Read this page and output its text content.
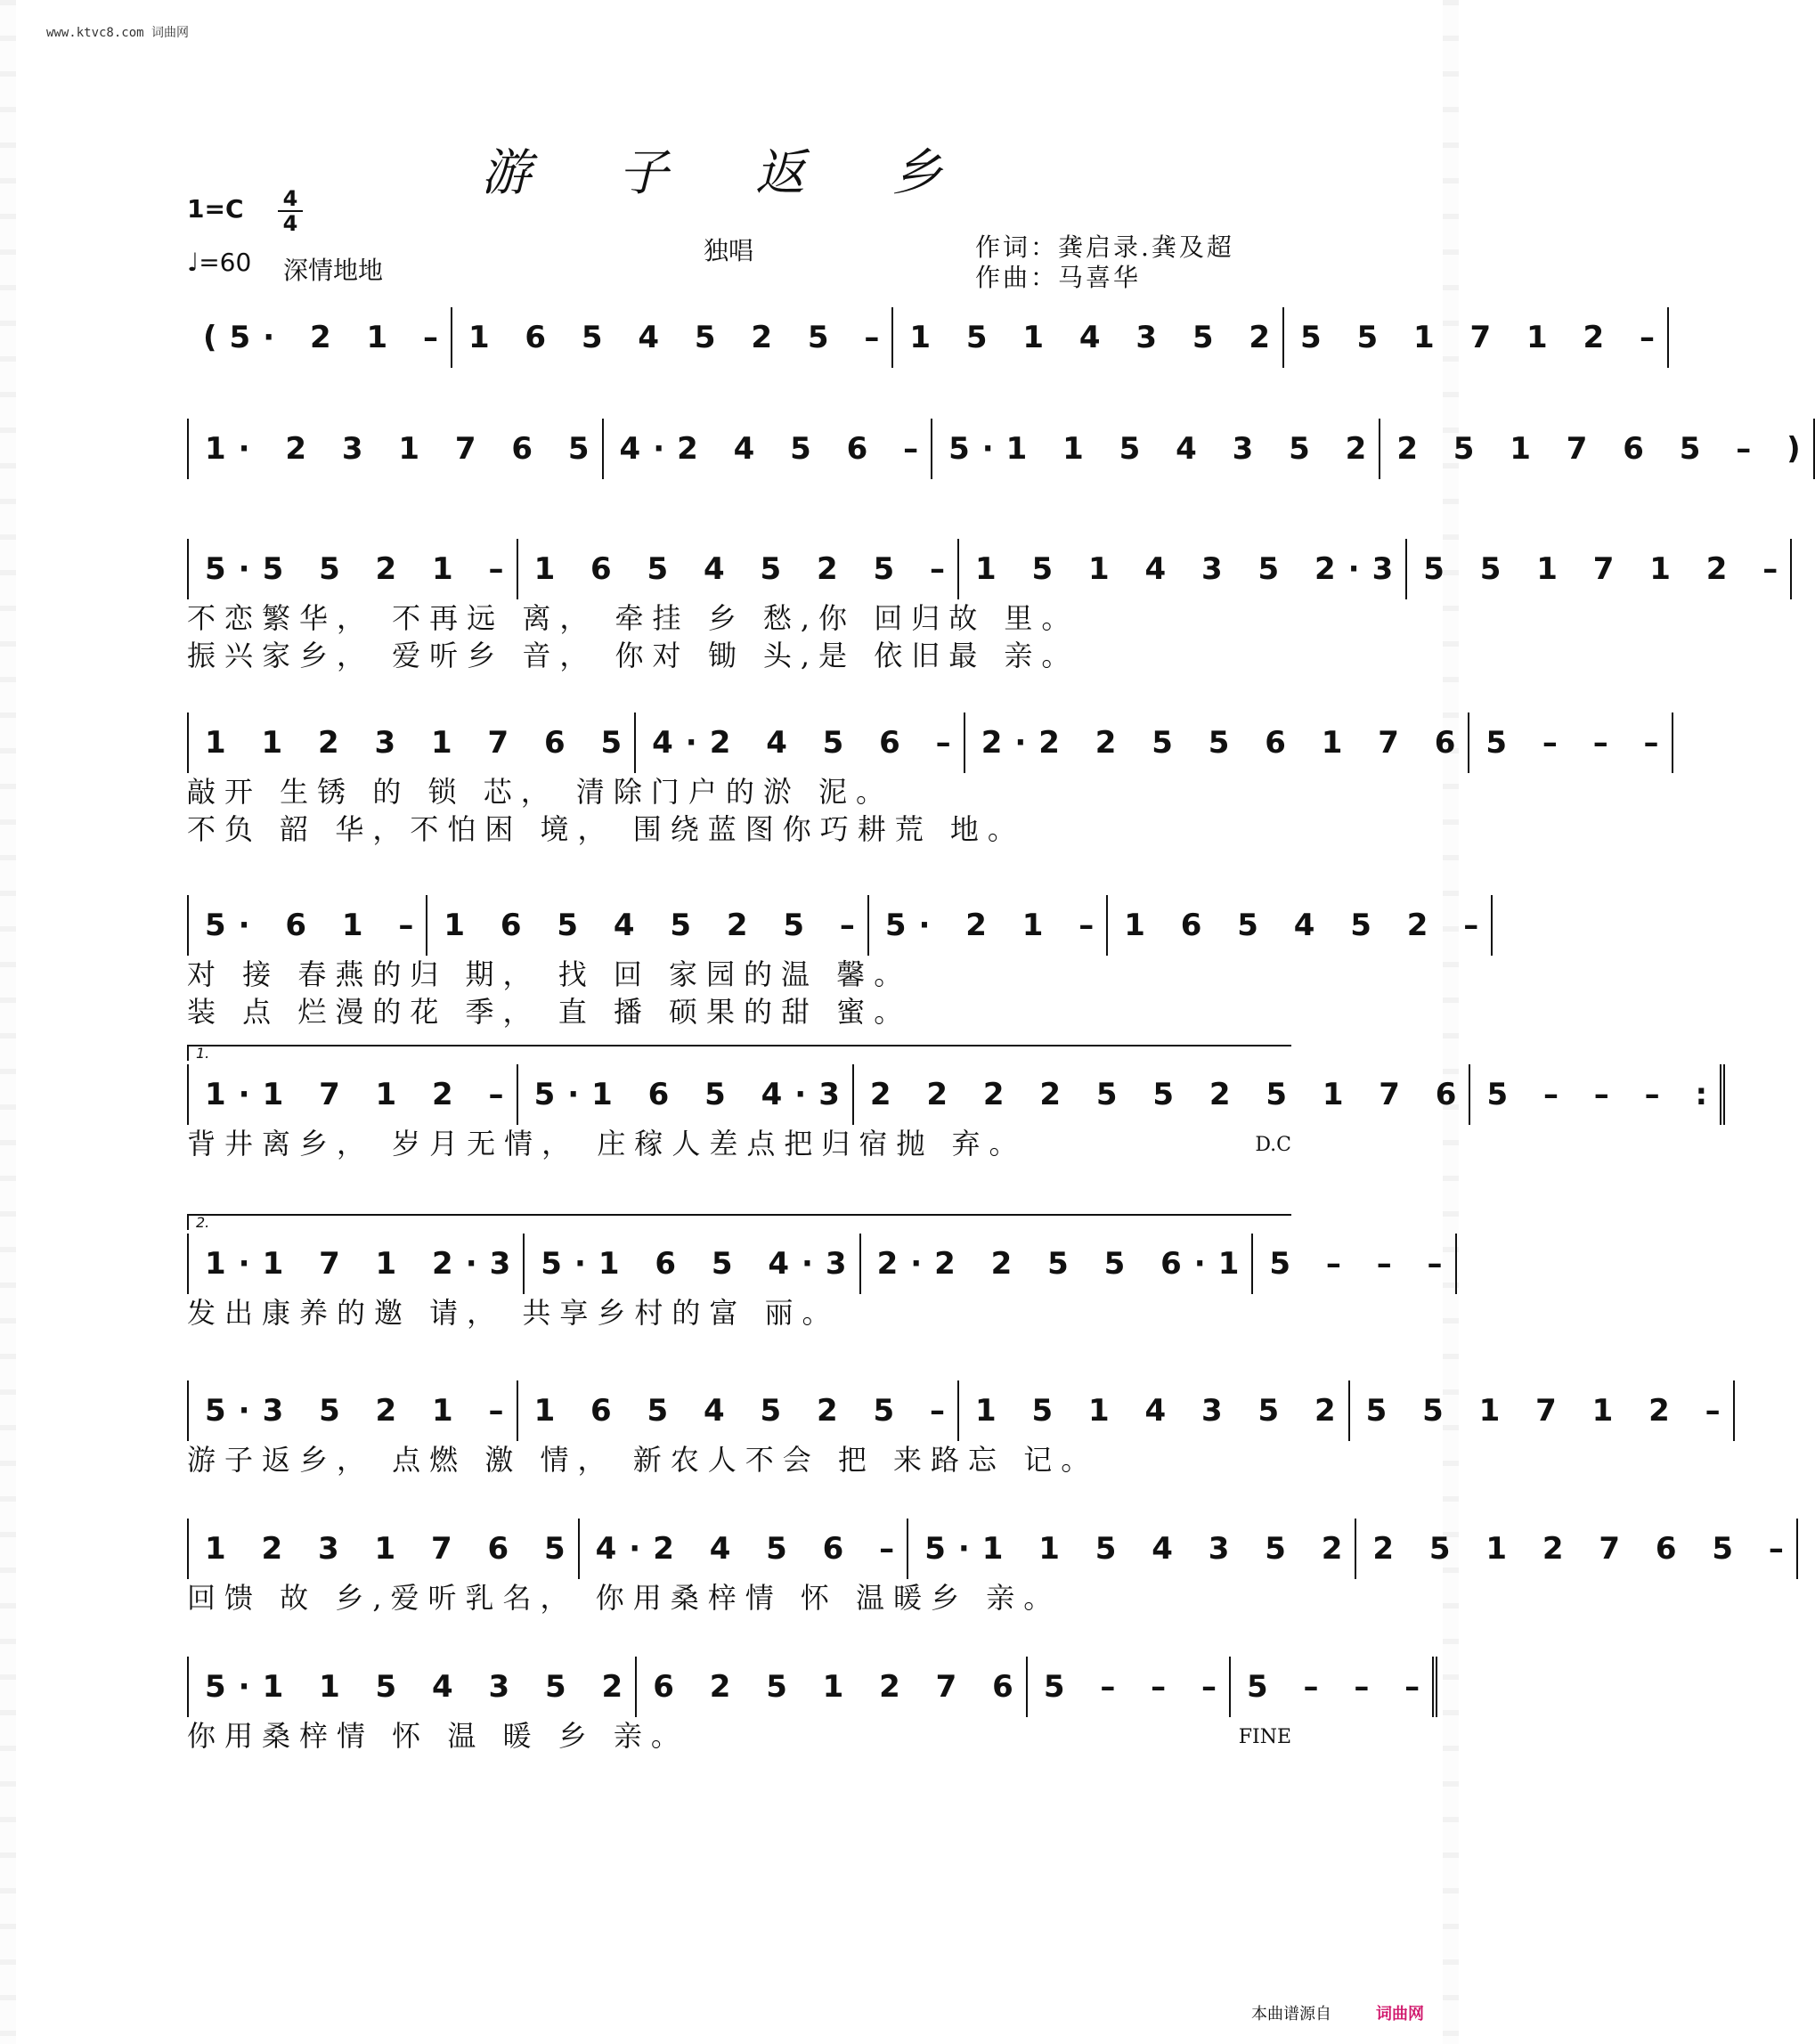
www.ktvc8.com 词曲网
游 子 返 乡
1=C 4
4
♩=60 深情地地
独唱	作词：龚启录.龚及超
作曲：马喜华
(5· 2 1 – 1 6 5 4 5 2 5 – 1 5 1 4 3 5 2 5 5 1 7 1 2 –
1· 2 3 1 7 6 5 4·2 4 5 6 – 5·1 1 5 4 3 5 2 2 5 1 7 6 5 – )
5·5 5 2 1 – 1 6 5 4 5 2 5 – 1 5 1 4 3 5 2·3 5 5 1 7 1 2 –
不恋繁华， 不再远 离， 牵挂 乡 愁,你 回归故 里。
振兴家乡， 爱听乡 音， 你对 锄 头,是 依旧最 亲。
1 1 2 3 1 7 6 5 4·2 4 5 6 – 2·2 2 5 5 6 1 7 6 5 – – –
敲开 生锈 的 锁 芯， 清除门户的淤 泥。
不负 韶 华，不怕困 境， 围绕蓝图你巧耕荒 地。
5· 6 1 – 1 6 5 4 5 2 5 – 5· 2 1 – 1 6 5 4 5 2 –
对 接 春燕的归 期， 找 回 家园的温 馨。
装 点 烂漫的花 季， 直 播 硕果的甜 蜜。
1.
1·1 7 1 2 – 5·1 6 5 4·3 2 2 2 2 5 5 2 5 1 7 6 5 – – – :
背井离乡， 岁月无情， 庄稼人差点把归宿抛 弃。	D.C
2.
1·1 7 1 2·3 5·1 6 5 4·3 2·2 2 5 5 6·1 5 – – –
发出康养的邀 请， 共享乡村的富 丽。
5·3 5 2 1 – 1 6 5 4 5 2 5 – 1 5 1 4 3 5 2 5 5 1 7 1 2 –
游子返乡， 点燃 激 情， 新农人不会 把 来路忘 记。
1 2 3 1 7 6 5 4·2 4 5 6 – 5·1 1 5 4 3 5 2 2 5 1 2 7 6 5 –
回馈 故 乡,爱听乳名， 你用桑梓情 怀 温暖乡 亲。
5·1 1 5 4 3 5 2 6 2 5 1 2 7 6 5 – – – 5 – – –
你用桑梓情 怀 温 暖 乡 亲。	FINE
本曲谱源自	词曲网
